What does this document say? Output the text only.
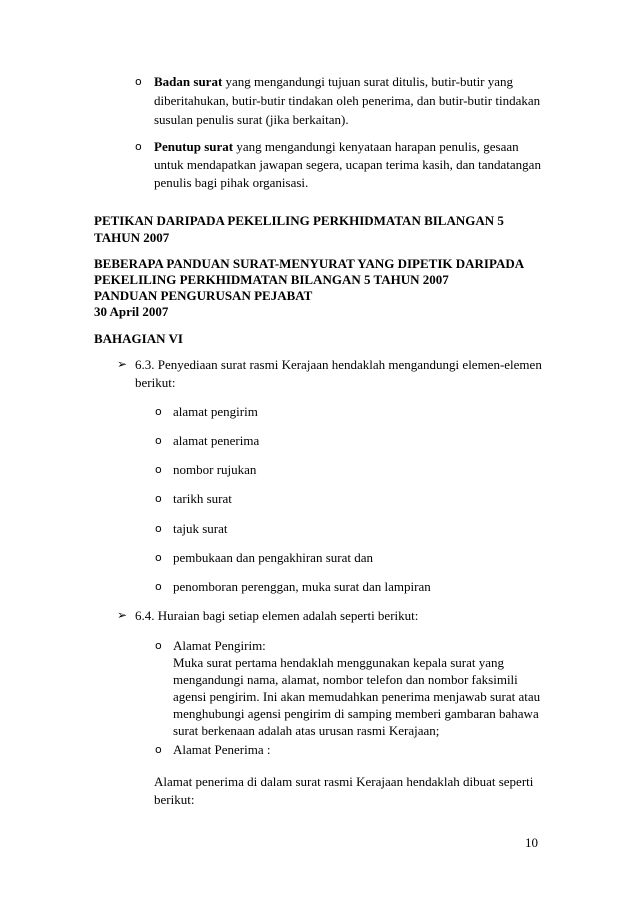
o Badan surat yang mengandungi tujuan surat ditulis, butir-butir yang
diberitahukan, butir-butir tindakan oleh penerima, dan butir-butir tindakan
susulan penulis surat (jika berkaitan).
o Penutup surat yang mengandungi kenyataan harapan penulis, gesaan
untuk mendapatkan jawapan segera, ucapan terima kasih, dan tandatangan
penulis bagi pihak organisasi.
PETIKAN DARIPADA PEKELILING PERKHIDMATAN BILANGAN 5
TAHUN 2007
BEBERAPA PANDUAN SURAT-MENYURAT YANG DIPETIK DARIPADA
PEKELILING PERKHIDMATAN BILANGAN 5 TAHUN 2007
PANDUAN PENGURUSAN PEJABAT
30 April 2007
BAHAGIAN VI
➢ 6.3. Penyediaan surat rasmi Kerajaan hendaklah mengandungi elemen-elemen
berikut:
o alamat pengirim
o alamat penerima
o nombor rujukan
o tarikh surat
o tajuk surat
o pembukaan dan pengakhiran surat dan
o penomboran perenggan, muka surat dan lampiran
➢ 6.4. Huraian bagi setiap elemen adalah seperti berikut:
o Alamat Pengirim:
Muka surat pertama hendaklah menggunakan kepala surat yang
mengandungi nama, alamat, nombor telefon dan nombor faksimili
agensi pengirim. Ini akan memudahkan penerima menjawab surat atau
menghubungi agensi pengirim di samping memberi gambaran bahawa
surat berkenaan adalah atas urusan rasmi Kerajaan;
o Alamat Penerima :
Alamat penerima di dalam surat rasmi Kerajaan hendaklah dibuat seperti
berikut:
10
